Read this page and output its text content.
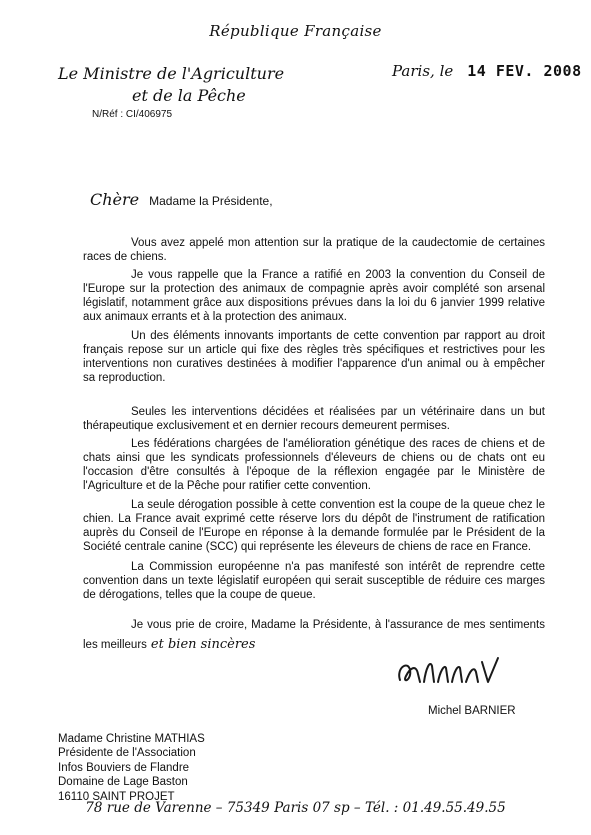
République Française
Le Ministre de l'Agriculture
et de la Pêche
N/Réf : CI/406975
Paris, le 14 FEV. 2008
Chère Madame la Présidente,

Vous avez appelé mon attention sur la pratique de la caudectomie de certaines races de chiens.

Je vous rappelle que la France a ratifié en 2003 la convention du Conseil de l'Europe sur la protection des animaux de compagnie après avoir complété son arsenal législatif, notamment grâce aux dispositions prévues dans la loi du 6 janvier 1999 relative aux animaux errants et à la protection des animaux.

Un des éléments innovants importants de cette convention par rapport au droit français repose sur un article qui fixe des règles très spécifiques et restrictives pour les interventions non curatives destinées à modifier l'apparence d'un animal ou à empêcher sa reproduction.

Seules les interventions décidées et réalisées par un vétérinaire dans un but thérapeutique exclusivement et en dernier recours demeurent permises.

Les fédérations chargées de l'amélioration génétique des races de chiens et de chats ainsi que les syndicats professionnels d'éleveurs de chiens ou de chats ont eu l'occasion d'être consultés à l'époque de la réflexion engagée par le Ministère de l'Agriculture et de la Pêche pour ratifier cette convention.

La seule dérogation possible à cette convention est la coupe de la queue chez le chien. La France avait exprimé cette réserve lors du dépôt de l'instrument de ratification auprès du Conseil de l'Europe en réponse à la demande formulée par le Président de la Société centrale canine (SCC) qui représente les éleveurs de chiens de race en France.

La Commission européenne n'a pas manifesté son intérêt de reprendre cette convention dans un texte législatif européen qui serait susceptible de réduire ces marges de dérogations, telles que la coupe de queue.

Je vous prie de croire, Madame la Présidente, à l'assurance de mes sentiments les meilleurs et bien sincères

Michel BARNIER
Madame Christine MATHIAS
Présidente de l'Association
Infos Bouviers de Flandre
Domaine de Lage Baston
16110 SAINT PROJET
78 rue de Varenne – 75349 Paris 07 sp – Tél. : 01.49.55.49.55
